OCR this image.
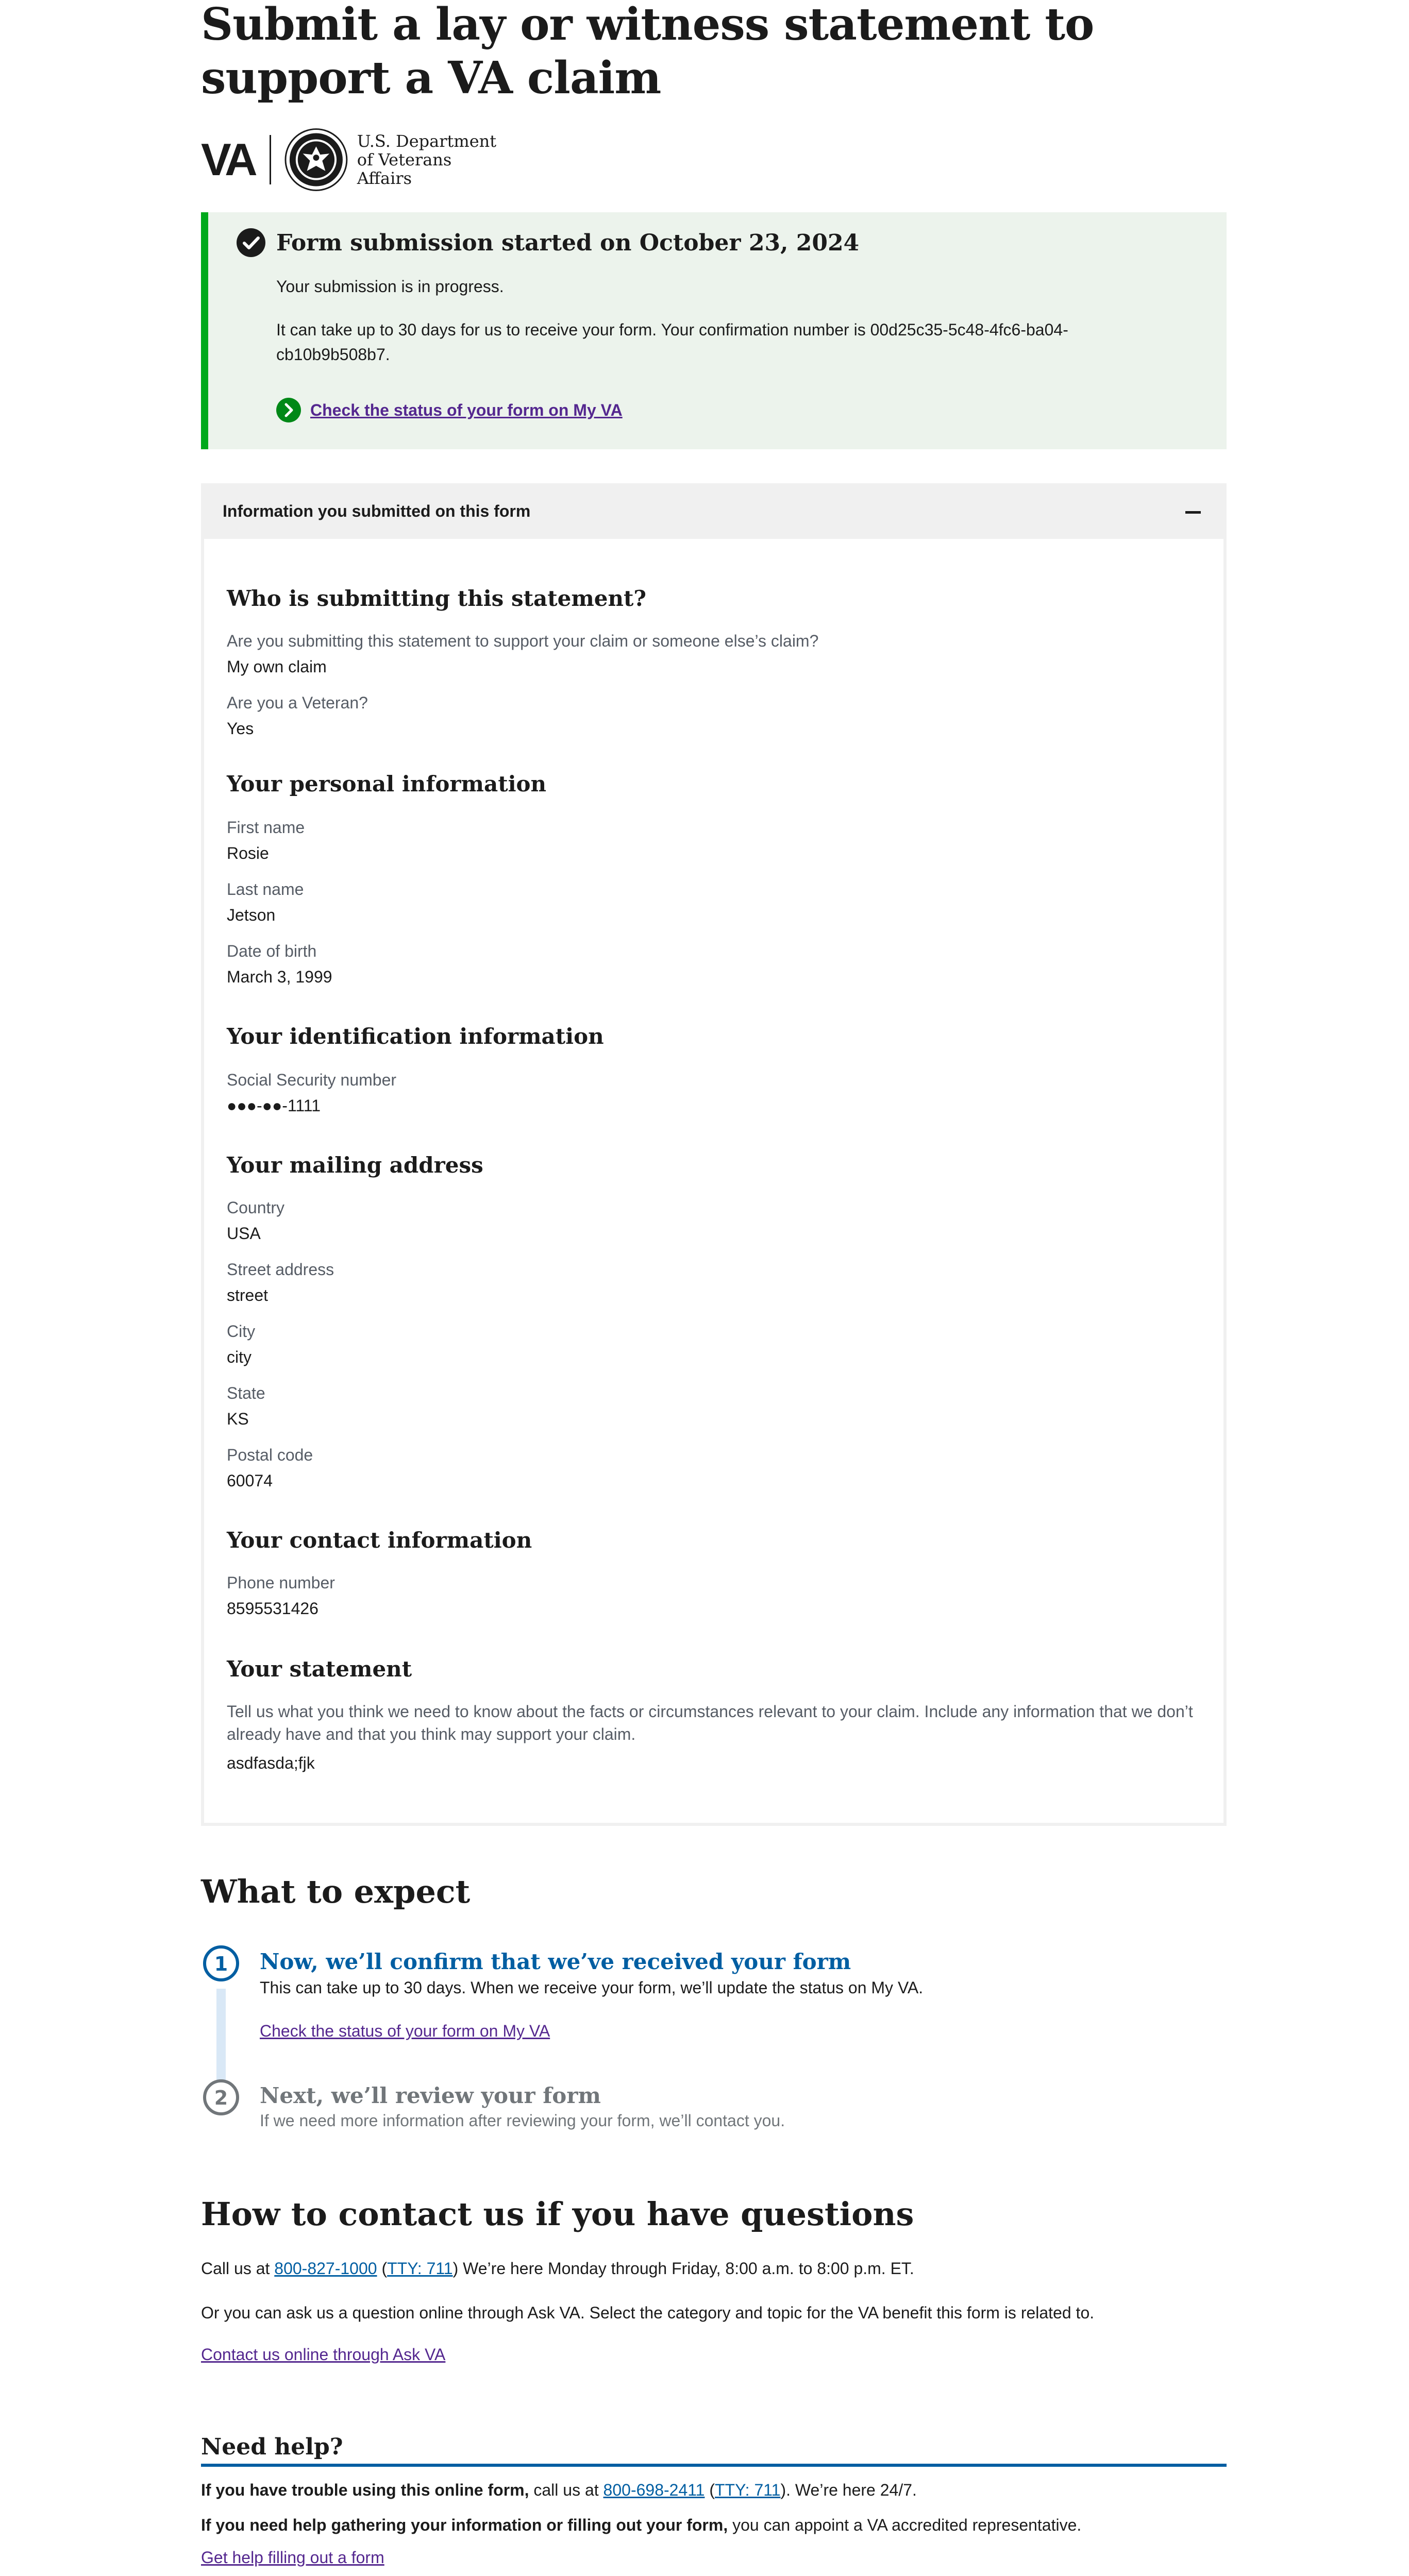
Submit a lay or witness statement to support a VA claim
VA	U.S. Department
of Veterans Affairs
Form submission started on October 23, 2024

Your submission is in progress.

It can take up to 30 days for us to receive your form. Your confirmation number is 00d25c35-5c48-4fc6-ba04-cb10b9b508b7.

Check the status of your form on My VA
Information you submitted on this form
Who is submitting this statement?
Are you submitting this statement to support your claim or someone else’s claim?
My own claim
Are you a Veteran?
Yes
Your personal information
First name
Rosie
Last name
Jetson
Date of birth
March 3, 1999
Your identification information
Social Security number
●●●-●●-1111
Your mailing address
Country
USA
Street address
street
City
city
State
KS
Postal code
60074
Your contact information
Phone number
8595531426
Your statement
Tell us what you think we need to know about the facts or circumstances relevant to your claim. Include any information that we don’t already have and that you think may support your claim.
asdfasda;fjk
What to expect
1	Now, we’ll confirm that we’ve received your form
This can take up to 30 days. When we receive your form, we’ll update the status on My VA.
Check the status of your form on My VA
2	Next, we’ll review your form
If we need more information after reviewing your form, we’ll contact you.
How to contact us if you have questions
Call us at 800-827-1000 (TTY: 711) We’re here Monday through Friday, 8:00 a.m. to 8:00 p.m. ET.
Or you can ask us a question online through Ask VA. Select the category and topic for the VA benefit this form is related to.
Contact us online through Ask VA
Need help?
If you have trouble using this online form, call us at 800-698-2411 (TTY: 711). We’re here 24/7.
If you need help gathering your information or filling out your form, you can appoint a VA accredited representative.
Get help filling out a form
